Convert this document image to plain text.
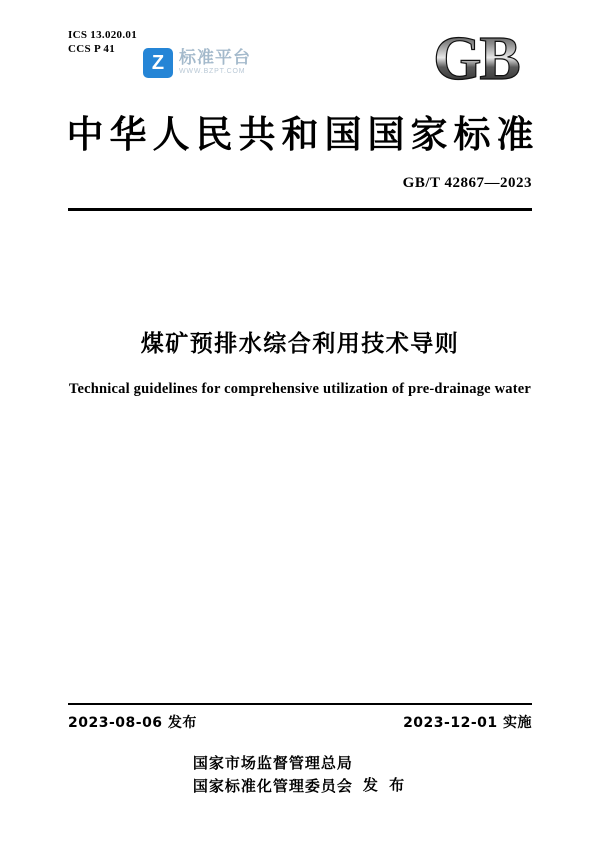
ICS 13.020.01
CCS P 41
Z 标准平台
WWW.BZPT.COM	GB
中华人民共和国国家标准
GB/T 42867—2023
煤矿预排水综合利用技术导则
Technical guidelines for comprehensive utilization of pre-drainage water
2023-08-06 发布	2023-12-01 实施
国家市场监督管理总局
国家标准化管理委员会 发 布
